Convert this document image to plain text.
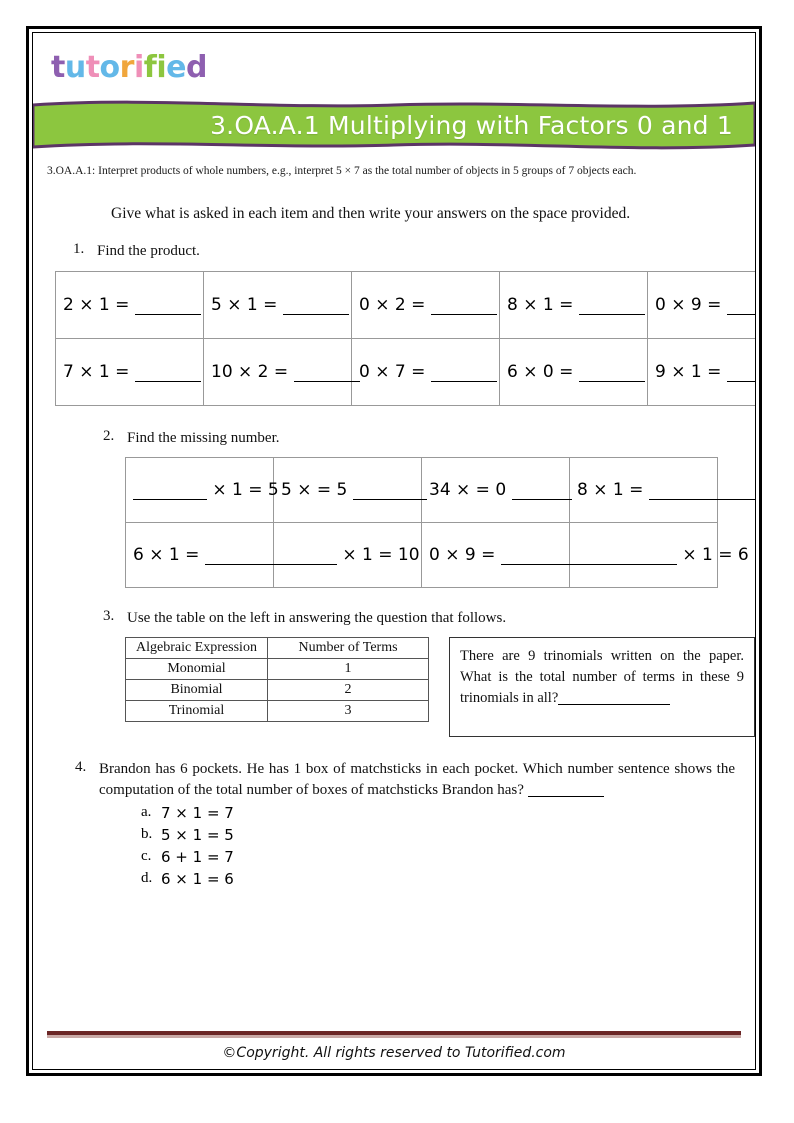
tutorified
3.OA.A.1 Multiplying with Factors 0 and 1
3.OA.A.1: Interpret products of whole numbers, e.g., interpret 5 × 7 as the total number of objects in 5 groups of 7 objects each.
Give what is asked in each item and then write your answers on the space provided.
1. Find the product.
2 × 1 =	5 × 1 =	0 × 2 =	8 × 1 =	0 × 9 =

7 × 1 =	10 × 2 =	0 × 7 =	6 × 0 =	9 × 1 =
2. Find the missing number.
× 1 = 5	5 × = 5	34 × = 0	8 × 1 =

6 × 1 =	× 1 = 10	0 × 9 =	× 1 = 6
3. Use the table on the left in answering the question that follows.
Algebraic Expression	Number of Terms
Monomial	1
Binomial	2
Trinomial	3
There are 9 trinomials written on the paper. What is the total number of terms in these 9 trinomials in all?
4. Brandon has 6 pockets. He has 1 box of matchsticks in each pocket. Which number sentence shows the computation of the total number of boxes of matchsticks Brandon has?
a. 7 × 1 = 7
b. 5 × 1 = 5
c. 6 + 1 = 7
d. 6 × 1 = 6
©Copyright. All rights reserved to Tutorified.com
